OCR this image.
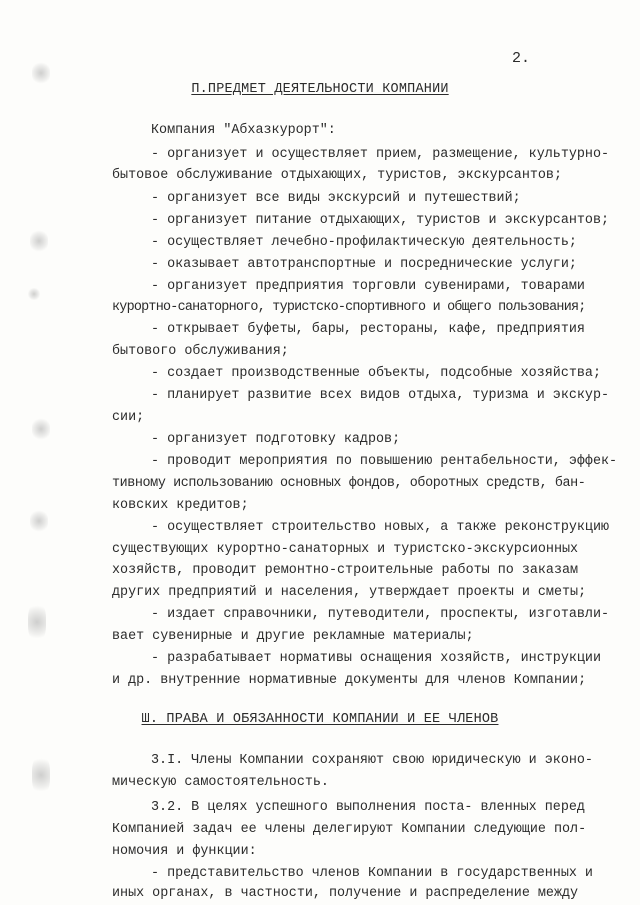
2.
П.ПРЕДМЕТ ДЕЯТЕЛЬНОСТИ КОМПАНИИ
Компания "Абхазкурорт":
- организует и осуществляет прием, размещение, культурно-
бытовое обслуживание отдыхающих, туристов, экскурсантов;
- организует все виды экскурсий и путешествий;
- организует питание отдыхающих, туристов и экскурсантов;
- осуществляет лечебно-профилактическую деятельность;
- оказывает автотранспортные и посреднические услуги;
- организует предприятия торговли сувенирами, товарами
курортно-санаторного, туристско-спортивного и общего пользования;
- открывает буфеты, бары, рестораны, кафе, предприятия
бытового обслуживания;
- создает производственные объекты, подсобные хозяйства;
- планирует развитие всех видов отдыха, туризма и экскур-
сии;
- организует подготовку кадров;
- проводит мероприятия по повышению рентабельности, эффек-
тивному использованию основных фондов, оборотных средств, бан-
ковских кредитов;
- осуществляет строительство новых, а также реконструкцию
существующих курортно-санаторных и туристско-экскурсионных
хозяйств, проводит ремонтно-строительные работы по заказам
других предприятий и населения, утверждает проекты и сметы;
- издает справочники, путеводители, проспекты, изготавли-
вает сувенирные и другие рекламные материалы;
- разрабатывает нормативы оснащения хозяйств, инструкции
и др. внутренние нормативные документы для членов Компании;
Ш. ПРАВА И ОБЯЗАННОСТИ КОМПАНИИ И ЕЕ ЧЛЕНОВ
3.I. Члены Компании сохраняют свою юридическую и эконо-
мическую самостоятельность.
3.2. В целях успешного выполнения поста- вленных перед
Компанией задач ее члены делегируют Компании следующие пол-
номочия и функции:
- представительство членов Компании в государственных и
иных органах, в частности, получение и распределение между
